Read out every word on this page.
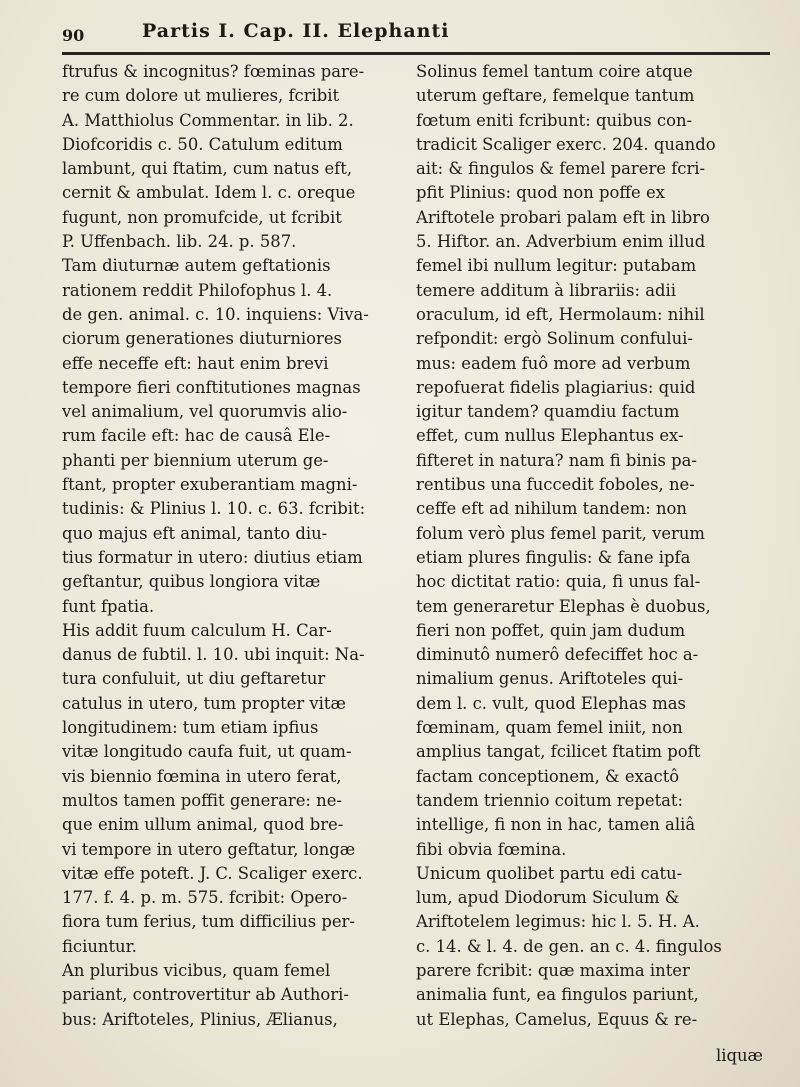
90	Partis I. Cap. II. Elephanti
ftrufus & incognitus? fœminas pare-
re cum dolore ut mulieres, fcribit
A. Matthiolus Commentar. in lib. 2.
Diofcoridis c. 50. Catulum editum
lambunt, qui ftatim, cum natus eft,
cernit & ambulat. Idem l. c. oreque
fugunt, non promufcide, ut fcribit
P. Uffenbach. lib. 24. p. 587.
Tam diuturnæ autem geftationis
rationem reddit Philofophus l. 4.
de gen. animal. c. 10. inquiens: Viva-
ciorum generationes diuturniores
effe neceffe eft: haut enim brevi
tempore fieri conftitutiones magnas
vel animalium, vel quorumvis alio-
rum facile eft: hac de causâ Ele-
phanti per biennium uterum ge-
ftant, propter exuberantiam magni-
tudinis: & Plinius l. 10. c. 63. fcribit:
quo majus eft animal, tanto diu-
tius formatur in utero: diutius etiam
geftantur, quibus longiora vitæ
funt fpatia.
His addit fuum calculum H. Car-
danus de fubtil. l. 10. ubi inquit: Na-
tura confuluit, ut diu geftaretur
catulus in utero, tum propter vitæ
longitudinem: tum etiam ipfius
vitæ longitudo caufa fuit, ut quam-
vis biennio fœmina in utero ferat,
multos tamen poffit generare: ne-
que enim ullum animal, quod bre-
vi tempore in utero geftatur, longæ
vitæ effe poteft. J. C. Scaliger exerc.
177. f. 4. p. m. 575. fcribit: Opero-
fiora tum ferius, tum difficilius per-
ficiuntur.
An pluribus vicibus, quam femel
pariant, controvertitur ab Authori-
bus: Ariftoteles, Plinius, Ælianus,
Solinus femel tantum coire atque
uterum geftare, femelque tantum
fœtum eniti fcribunt: quibus con-
tradicit Scaliger exerc. 204. quando
ait: & fingulos & femel parere fcri-
pfit Plinius: quod non poffe ex
Ariftotele probari palam eft in libro
5. Hiftor. an. Adverbium enim illud
femel ibi nullum legitur: putabam
temere additum à librariis: adii
oraculum, id eft, Hermolaum: nihil
refpondit: ergò Solinum confului-
mus: eadem fuô more ad verbum
repofuerat fidelis plagiarius: quid
igitur tandem? quamdiu factum
effet, cum nullus Elephantus ex-
fifteret in natura? nam fi binis pa-
rentibus una fuccedit foboles, ne-
ceffe eft ad nihilum tandem: non
folum verò plus femel parit, verum
etiam plures fingulis: & fane ipfa
hoc dictitat ratio: quia, fi unus fal-
tem generaretur Elephas è duobus,
fieri non poffet, quin jam dudum
diminutô numerô defeciffet hoc a-
nimalium genus. Ariftoteles qui-
dem l. c. vult, quod Elephas mas
fœminam, quam femel iniit, non
amplius tangat, fcilicet ftatim poft
factam conceptionem, & exactô
tandem triennio coitum repetat:
intellige, fi non in hac, tamen aliâ
fibi obvia fœmina.
Unicum quolibet partu edi catu-
lum, apud Diodorum Siculum &
Ariftotelem legimus: hic l. 5. H. A.
c. 14. & l. 4. de gen. an c. 4. fingulos
parere fcribit: quæ maxima inter
animalia funt, ea fingulos pariunt,
ut Elephas, Camelus, Equus & re-
liquæ
